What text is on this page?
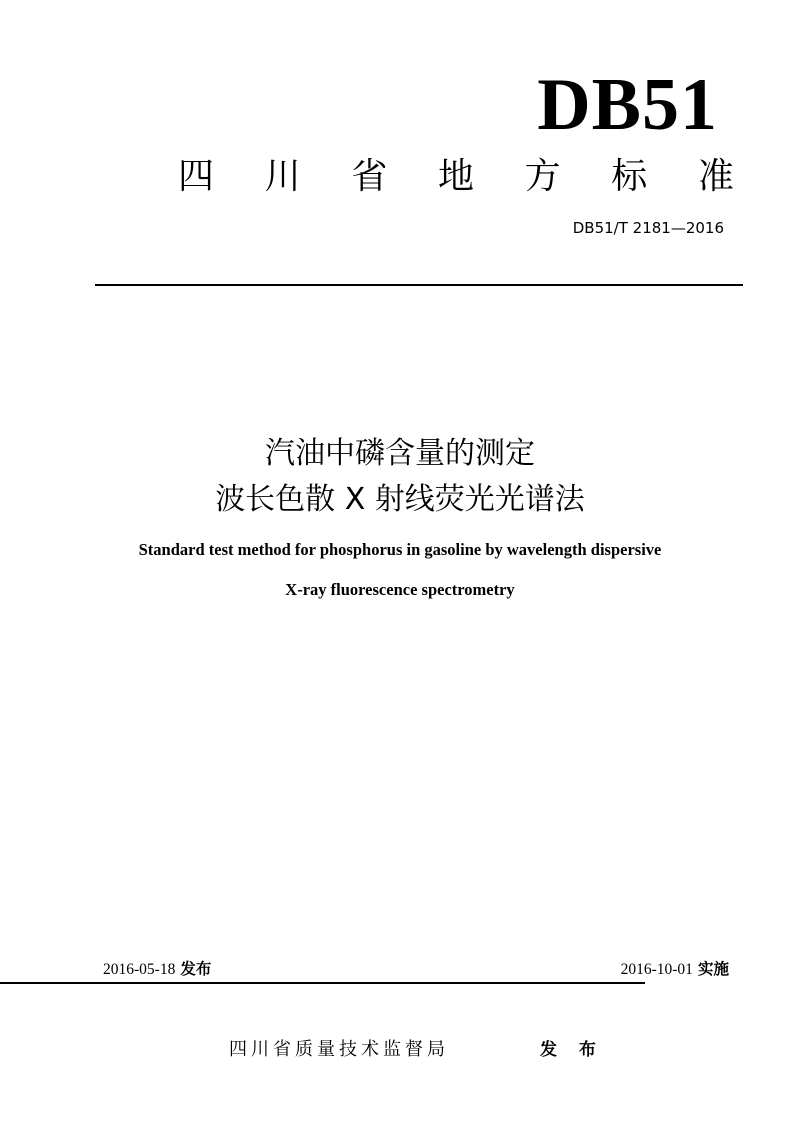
DB51
四 川 省 地 方 标 准
DB51/T 2181—2016
汽油中磷含量的测定
波长色散 X 射线荧光光谱法
Standard test method for phosphorus in gasoline by wavelength dispersive
X-ray fluorescence spectrometry
2016-05-18 发布	2016-10-01 实施
四川省质量技术监督局	发 布
